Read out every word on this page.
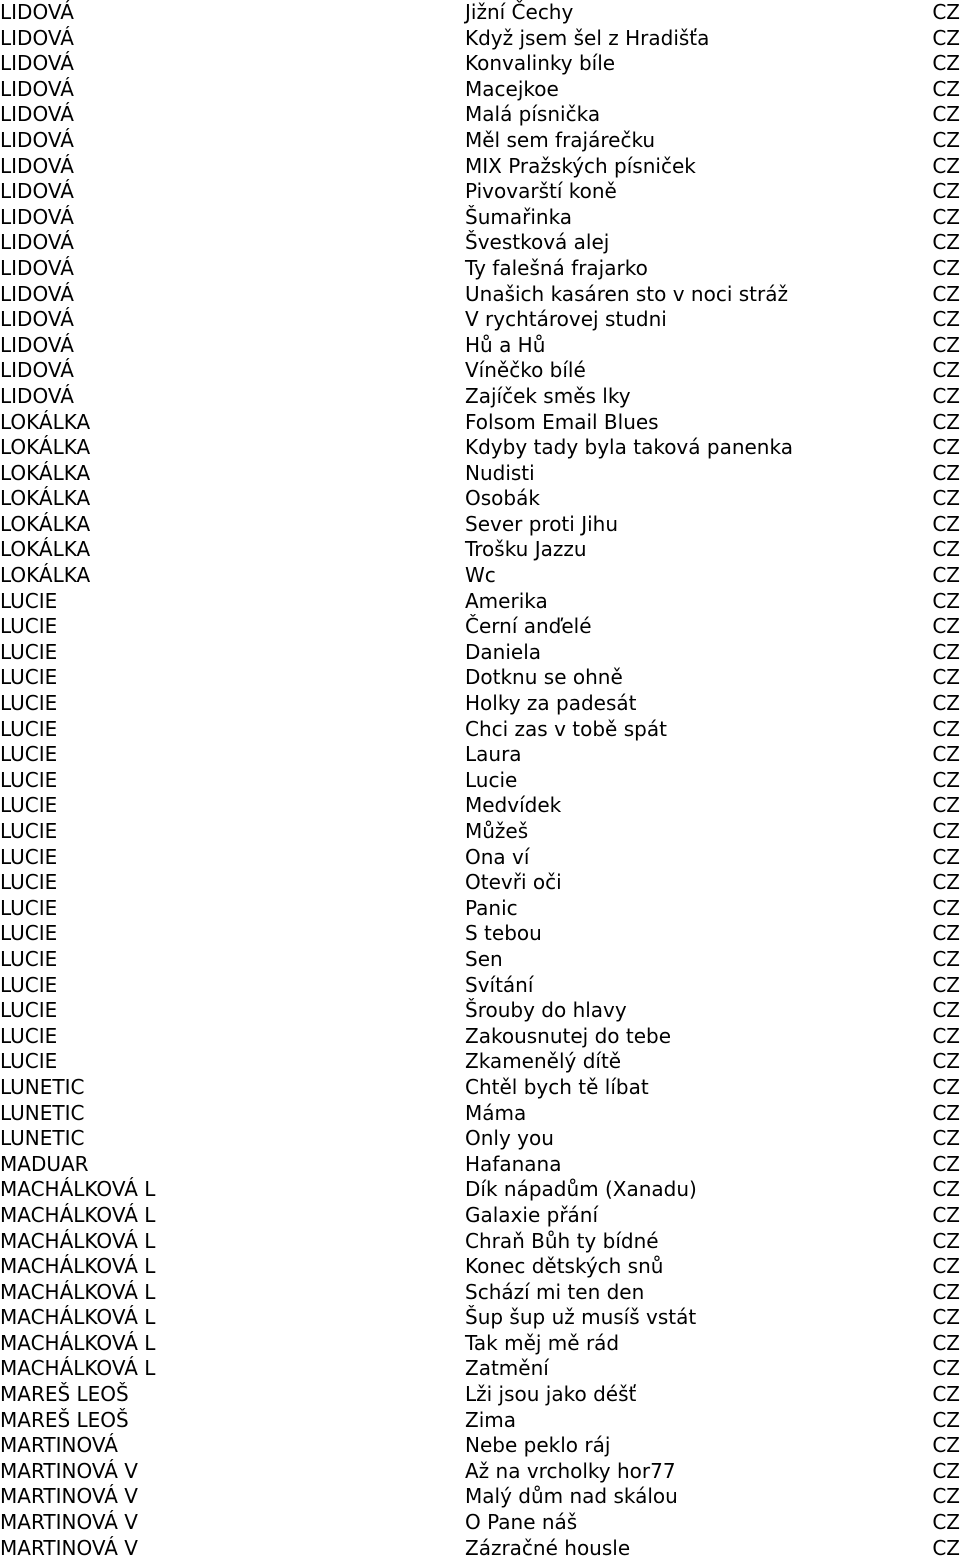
LIDOVÁ	Jižní Čechy	CZ
LIDOVÁ	Když jsem šel z Hradišťa	CZ
LIDOVÁ	Konvalinky bíle	CZ
LIDOVÁ	Macejkoe	CZ
LIDOVÁ	Malá písnička	CZ
LIDOVÁ	Měl sem frajárečku	CZ
LIDOVÁ	MIX Pražských písniček	CZ
LIDOVÁ	Pivovarští koně	CZ
LIDOVÁ	Šumařinka	CZ
LIDOVÁ	Švestková alej	CZ
LIDOVÁ	Ty falešná frajarko	CZ
LIDOVÁ	Unašich kasáren sto v noci stráž	CZ
LIDOVÁ	V rychtárovej studni	CZ
LIDOVÁ	Hů a Hů	CZ
LIDOVÁ	Víněčko bílé	CZ
LIDOVÁ	Zajíček směs lky	CZ
LOKÁLKA	Folsom Email Blues	CZ
LOKÁLKA	Kdyby tady byla taková panenka	CZ
LOKÁLKA	Nudisti	CZ
LOKÁLKA	Osobák	CZ
LOKÁLKA	Sever proti Jihu	CZ
LOKÁLKA	Trošku Jazzu	CZ
LOKÁLKA	Wc	CZ
LUCIE	Amerika	CZ
LUCIE	Černí anďelé	CZ
LUCIE	Daniela	CZ
LUCIE	Dotknu se ohně	CZ
LUCIE	Holky za padesát	CZ
LUCIE	Chci zas v tobě spát	CZ
LUCIE	Laura	CZ
LUCIE	Lucie	CZ
LUCIE	Medvídek	CZ
LUCIE	Můžeš	CZ
LUCIE	Ona ví	CZ
LUCIE	Otevři oči	CZ
LUCIE	Panic	CZ
LUCIE	S tebou	CZ
LUCIE	Sen	CZ
LUCIE	Svítání	CZ
LUCIE	Šrouby do hlavy	CZ
LUCIE	Zakousnutej do tebe	CZ
LUCIE	Zkamenělý dítě	CZ
LUNETIC	Chtěl bych tě líbat	CZ
LUNETIC	Máma	CZ
LUNETIC	Only you	CZ
MADUAR	Hafanana	CZ
MACHÁLKOVÁ L	Dík nápadům (Xanadu)	CZ
MACHÁLKOVÁ L	Galaxie přání	CZ
MACHÁLKOVÁ L	Chraň Bůh ty bídné	CZ
MACHÁLKOVÁ L	Konec dětských snů	CZ
MACHÁLKOVÁ L	Schází mi ten den	CZ
MACHÁLKOVÁ L	Šup šup už musíš vstát	CZ
MACHÁLKOVÁ L	Tak měj mě rád	CZ
MACHÁLKOVÁ L	Zatmění	CZ
MAREŠ LEOŠ	Lži jsou jako déšť	CZ
MAREŠ LEOŠ	Zima	CZ
MARTINOVÁ	Nebe peklo ráj	CZ
MARTINOVÁ V	Až na vrcholky hor77	CZ
MARTINOVÁ V	Malý dům nad skálou	CZ
MARTINOVÁ V	O Pane náš	CZ
MARTINOVÁ V	Zázračné housle	CZ
